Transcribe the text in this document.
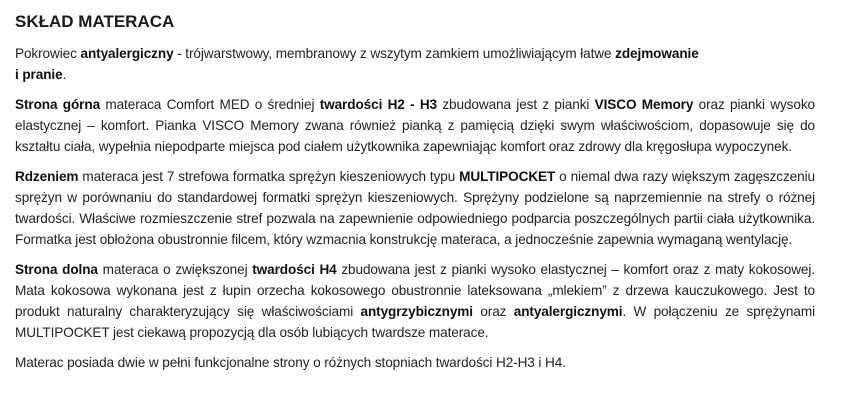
SKŁAD MATERACA

Pokrowiec antyalergiczny - trójwarstwowy, membranowy z wszytym zamkiem umożliwiającym łatwe zdejmowanie
i pranie.

Strona górna materaca Comfort MED o średniej twardości H2 - H3 zbudowana jest z pianki VISCO Memory oraz pianki wysoko elastycznej – komfort. Pianka VISCO Memory zwana również pianką z pamięcią dzięki swym właściwościom, dopasowuje się do kształtu ciała, wypełnia niepodparte miejsca pod ciałem użytkownika zapewniając komfort oraz zdrowy dla kręgosłupa wypoczynek.

Rdzeniem materaca jest 7 strefowa formatka sprężyn kieszeniowych typu MULTIPOCKET o niemal dwa razy większym zagęszczeniu sprężyn w porównaniu do standardowej formatki sprężyn kieszeniowych. Sprężyny podzielone są naprzemiennie na strefy o różnej twardości. Właściwe rozmieszczenie stref pozwala na zapewnienie odpowiedniego podparcia poszczególnych partii ciała użytkownika. Formatka jest obłożona obustronnie filcem, który wzmacnia konstrukcję materaca, a jednocześnie zapewnia wymaganą wentylację.

Strona dolna materaca o zwiększonej twardości H4 zbudowana jest z pianki wysoko elastycznej – komfort oraz z maty kokosowej. Mata kokosowa wykonana jest z łupin orzecha kokosowego obustronnie lateksowana „mlekiem” z drzewa kauczukowego. Jest to produkt naturalny charakteryzujący się właściwościami antygrzybicznymi oraz antyalergicznymi. W połączeniu ze sprężynami MULTIPOCKET jest ciekawą propozycją dla osób lubiących twardsze materace.

Materac posiada dwie w pełni funkcjonalne strony o różnych stopniach twardości H2-H3 i H4.
